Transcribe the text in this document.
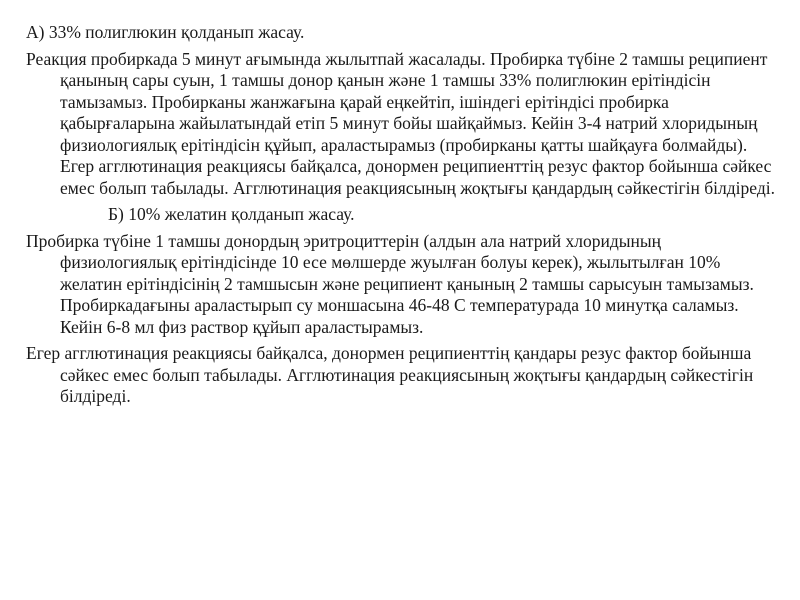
А) 33% полиглюкин қолданып жасау.

Реакция пробиркада 5 минут ағымында жылытпай жасалады. Пробирка түбіне 2 тамшы реципиент қанының сары суын, 1 тамшы донор қанын және 1 тамшы 33% полиглюкин ерітіндісін тамызамыз. Пробирканы жанжағына қарай еңкейтіп, ішіндегі ерітіндісі пробирка қабырғаларына жайылатындай етіп 5 минут бойы шайқаймыз. Кейін 3-4 натрий хлоридының физиологиялық ерітіндісін құйып, араластырамыз (пробирканы қатты шайқауға болмайды). Егер агглютинация реакциясы байқалса, донормен реципиенттің резус фактор бойынша сәйкес емес болып табылады. Агглютинация реакциясының жоқтығы қандардың сәйкестігін білдіреді.

Б) 10% желатин қолданып жасау.

Пробирка түбіне 1 тамшы донордың эритроциттерін (алдын ала натрий хлоридының физиологиялық ерітіндісінде 10 есе мөлшерде жуылған болуы керек), жылытылған 10% желатин ерітіндісінің 2 тамшысын және реципиент қанының 2 тамшы сарысуын тамызамыз. Пробиркадағыны араластырып су моншасына 46-48 С температурада 10 минутқа саламыз. Кейін 6-8 мл физ раствор құйып араластырамыз.

Егер агглютинация реакциясы байқалса, донормен реципиенттің қандары резус фактор бойынша сәйкес емес болып табылады. Агглютинация реакциясының жоқтығы қандардың сәйкестігін білдіреді.
